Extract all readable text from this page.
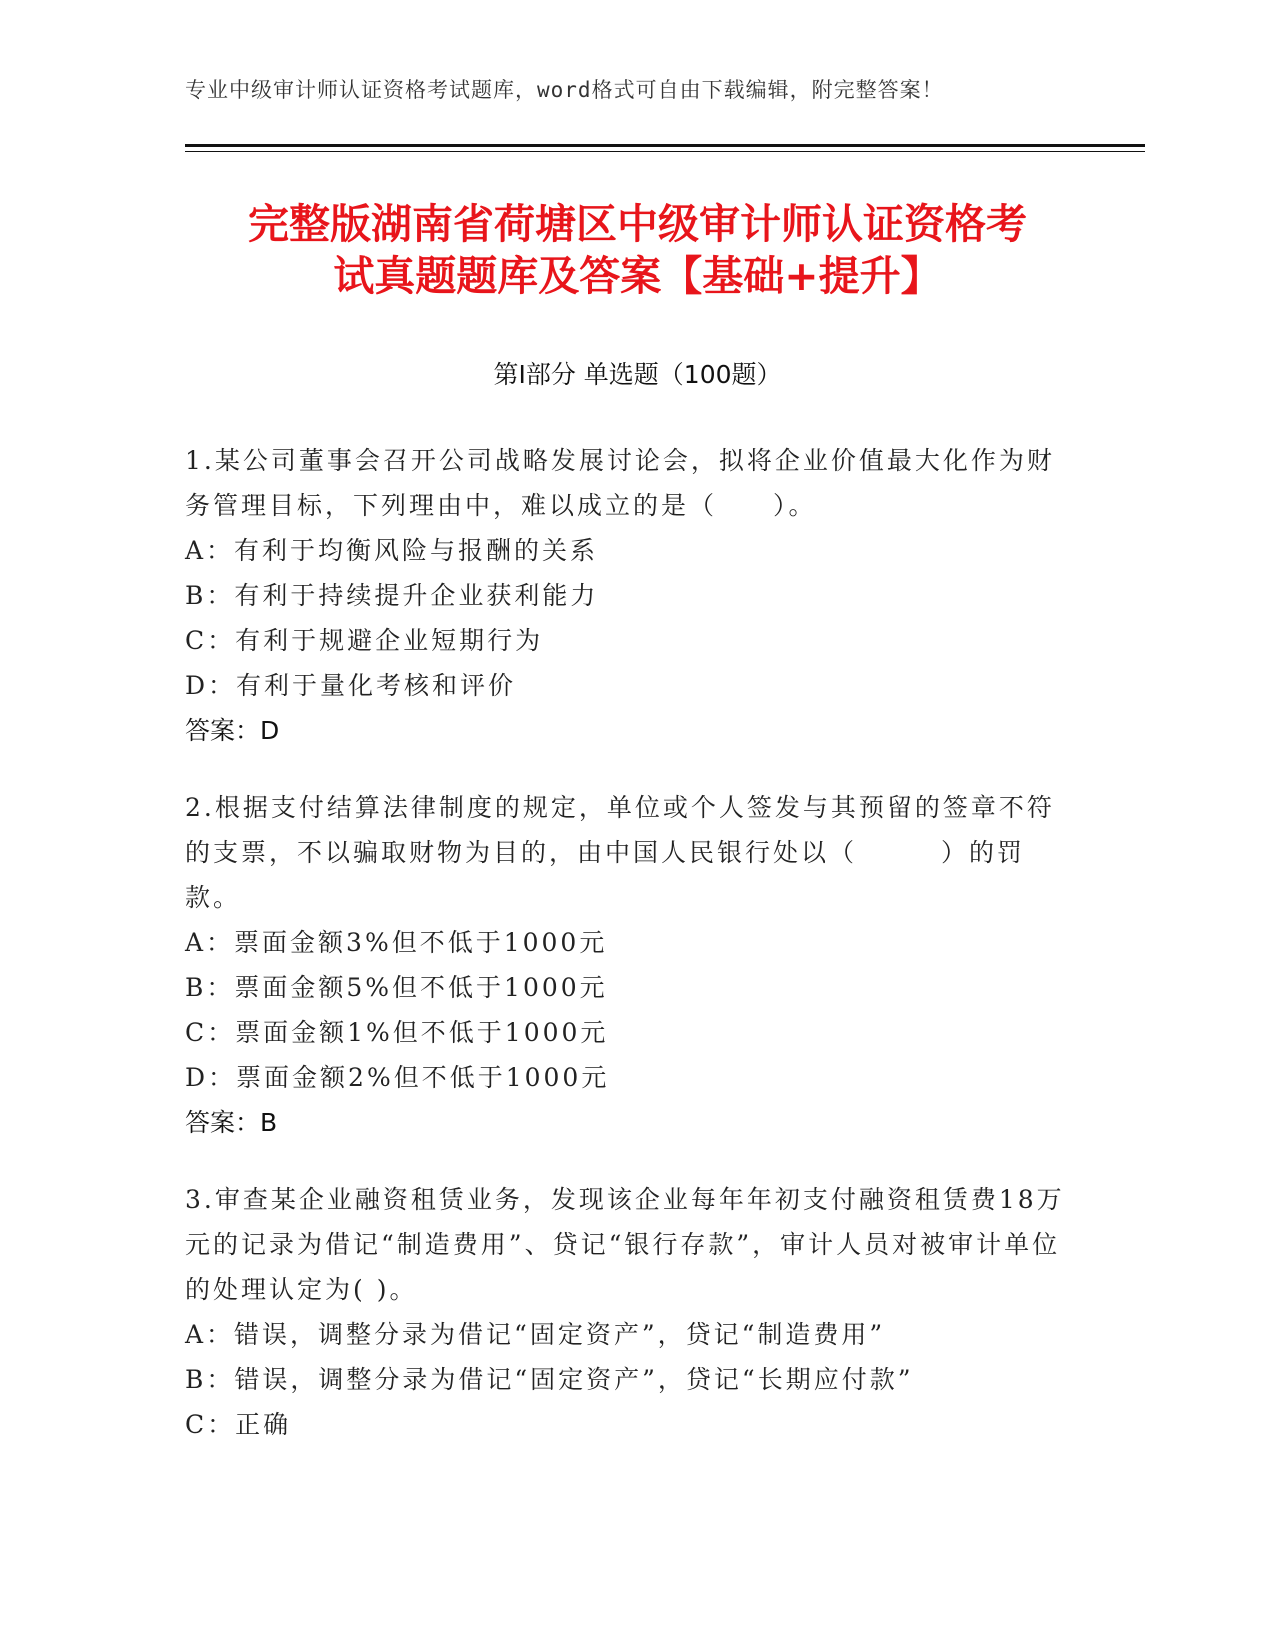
专业中级审计师认证资格考试题库，word格式可自由下载编辑，附完整答案！
完整版湖南省荷塘区中级审计师认证资格考
试真题题库及答案【基础+提升】
第Ⅰ部分 单选题（100题）

1.某公司董事会召开公司战略发展讨论会，拟将企业价值最大化作为财务管理目标，下列理由中，难以成立的是（　　）。

A：有利于均衡风险与报酬的关系

B：有利于持续提升企业获利能力

C：有利于规避企业短期行为

D：有利于量化考核和评价

答案：D

2.根据支付结算法律制度的规定，单位或个人签发与其预留的签章不符的支票，不以骗取财物为目的，由中国人民银行处以（　　　）的罚款。

A：票面金额3%但不低于1000元

B：票面金额5%但不低于1000元

C：票面金额1%但不低于1000元

D：票面金额2%但不低于1000元

答案：B

3.审查某企业融资租赁业务，发现该企业每年年初支付融资租赁费18万元的记录为借记“制造费用”、贷记“银行存款”，审计人员对被审计单位的处理认定为( )。

A：错误，调整分录为借记“固定资产”，贷记“制造费用”

B：错误，调整分录为借记“固定资产”，贷记“长期应付款”

C：正确
